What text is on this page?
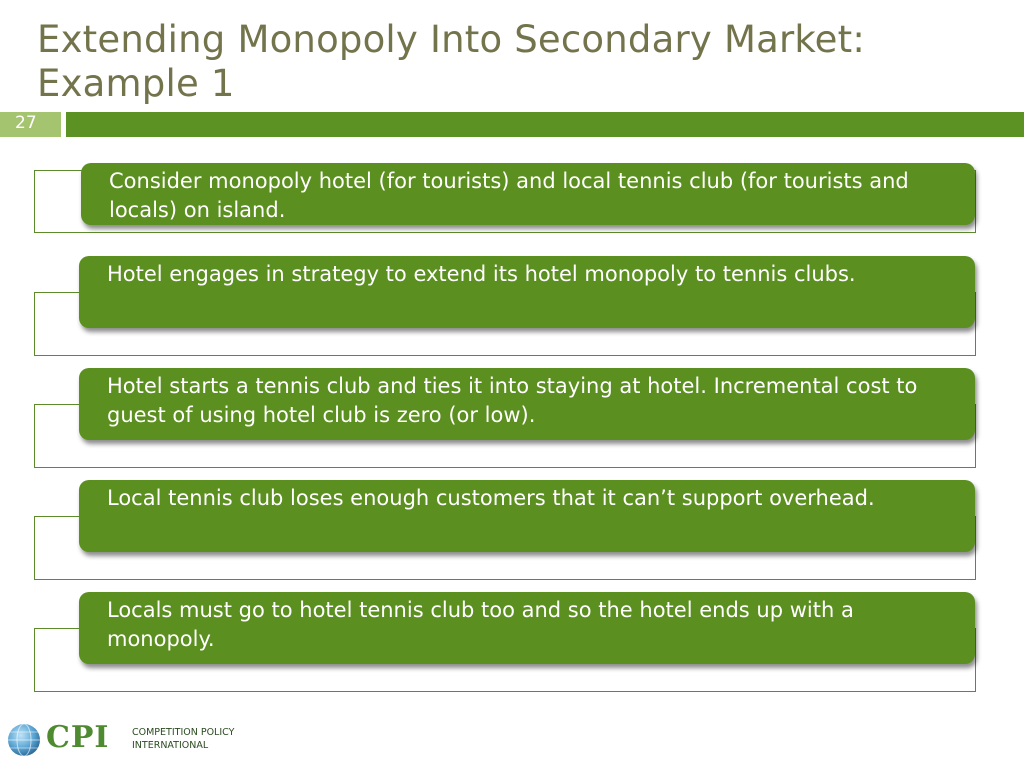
Extending Monopoly Into Secondary Market:
Example 1
27
Consider monopoly hotel (for tourists) and local tennis club (for tourists and locals) on island.
Hotel engages in strategy to extend its hotel monopoly to tennis clubs.
Hotel starts a tennis club and ties it into staying at hotel. Incremental cost to guest of using hotel club is zero (or low).
Local tennis club loses enough customers that it can’t support overhead.
Locals must go to hotel tennis club too and so the hotel ends up with a monopoly.
CPI COMPETITION POLICY
INTERNATIONAL
